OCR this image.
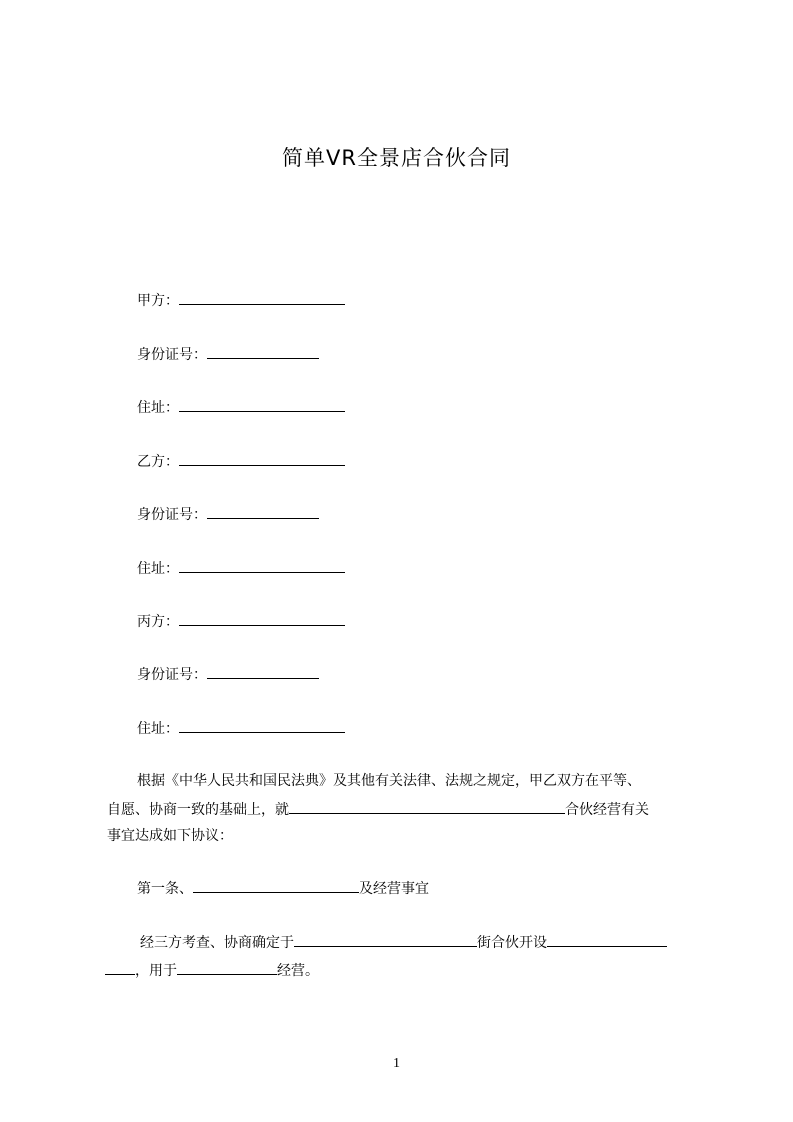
简单VR全景店合伙合同
甲方：
身份证号：
住址：
乙方：
身份证号：
住址：
丙方：
身份证号：
住址：
根据《中华人民共和国民法典》及其他有关法律、法规之规定，甲乙双方在平等、
自愿、协商一致的基础上，就	合伙经营有关
事宜达成如下协议：
第一条、	及经营事宜
经三方考查、协商确定于	街合伙开设
，用于	经营。
1
